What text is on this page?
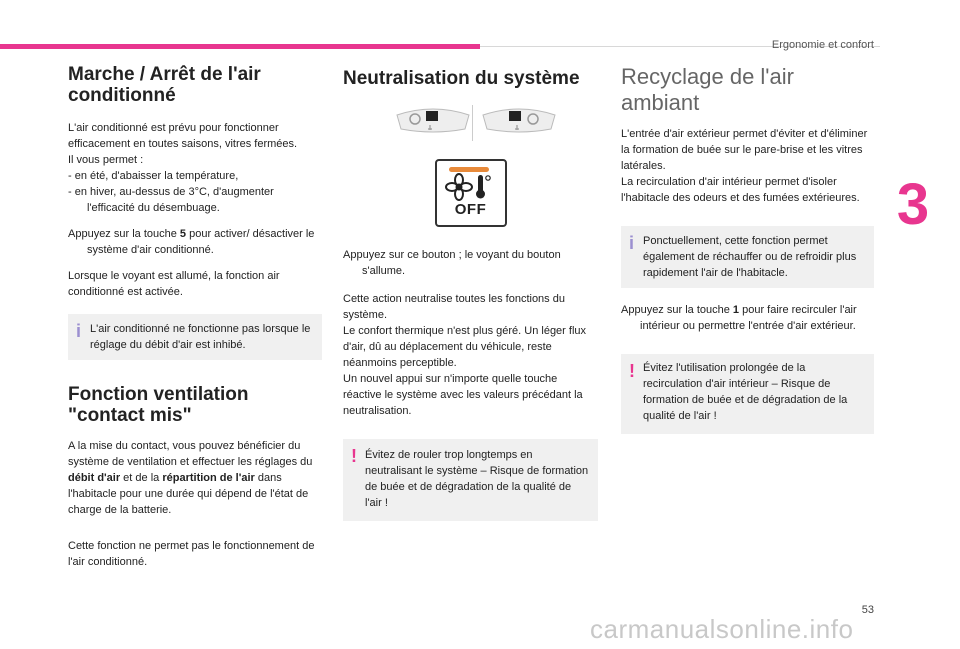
Ergonomie et confort
3
Marche / Arrêt de l'air conditionné

L'air conditionné est prévu pour fonctionner efficacement en toutes saisons, vitres fermées.

Il vous permet :

- en été, d'abaisser la température,

- en hiver, au-dessus de 3°C, d'augmenter l'efficacité du désembuage.

Appuyez sur la touche 5 pour activer/ désactiver le système d'air conditionné.

Lorsque le voyant est allumé, la fonction air conditionné est activée.

i L'air conditionné ne fonctionne pas lorsque le réglage du débit d'air est inhibé.
Fonction ventilation "contact mis"

A la mise du contact, vous pouvez bénéficier du système de ventilation et effectuer les réglages du débit d'air et de la répartition de l'air dans l'habitacle pour une durée qui dépend de l'état de charge de la batterie.

Cette fonction ne permet pas le fonctionnement de l'air conditionné.

Neutralisation du système
OFF

Appuyez sur ce bouton ; le voyant du bouton s'allume.

Cette action neutralise toutes les fonctions du système.

Le confort thermique n'est plus géré. Un léger flux d'air, dû au déplacement du véhicule, reste néanmoins perceptible.

Un nouvel appui sur n'importe quelle touche réactive le système avec les valeurs précédant la neutralisation.

! Évitez de rouler trop longtemps en neutralisant le système – Risque de formation de buée et de dégradation de la qualité de l'air !
Recyclage de l'air ambiant

L'entrée d'air extérieur permet d'éviter et d'éliminer la formation de buée sur le pare-brise et les vitres latérales.

La recirculation d'air intérieur permet d'isoler l'habitacle des odeurs et des fumées extérieures.

i Ponctuellement, cette fonction permet également de réchauffer ou de refroidir plus rapidement l'air de l'habitacle.

Appuyez sur la touche 1 pour faire recirculer l'air intérieur ou permettre l'entrée d'air extérieur.

! Évitez l'utilisation prolongée de la recirculation d'air intérieur – Risque de formation de buée et de dégradation de la qualité de l'air !
53
carmanualsonline.info
